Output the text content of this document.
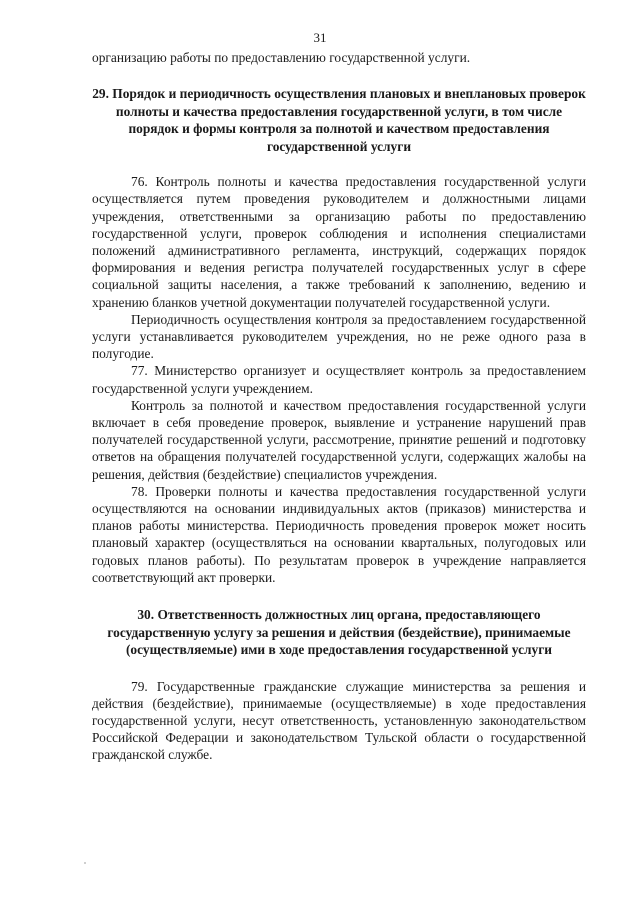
31

организацию работы по предоставлению государственной услуги.

29. Порядок и периодичность осуществления плановых и внеплановых проверок полноты и качества предоставления государственной услуги, в том числе порядок и формы контроля за полнотой и качеством предоставления государственной услуги

76. Контроль полноты и качества предоставления государственной услуги осуществляется путем проведения руководителем и должностными лицами учреждения, ответственными за организацию работы по предоставлению государственной услуги, проверок соблюдения и исполнения специалистами положений административного регламента, инструкций, содержащих порядок формирования и ведения регистра получателей государственных услуг в сфере социальной защиты населения, а также требований к заполнению, ведению и хранению бланков учетной документации получателей государственной услуги.

Периодичность осуществления контроля за предоставлением государственной услуги устанавливается руководителем учреждения, но не реже одного раза в полугодие.

77. Министерство организует и осуществляет контроль за предоставлением государственной услуги учреждением.

Контроль за полнотой и качеством предоставления государственной услуги включает в себя проведение проверок, выявление и устранение нарушений прав получателей государственной услуги, рассмотрение, принятие решений и подготовку ответов на обращения получателей государственной услуги, содержащих жалобы на решения, действия (бездействие) специалистов учреждения.

78. Проверки полноты и качества предоставления государственной услуги осуществляются на основании индивидуальных актов (приказов) министерства и планов работы министерства. Периодичность проведения проверок может носить плановый характер (осуществляться на основании квартальных, полугодовых или годовых планов работы). По результатам проверок в учреждение направляется соответствующий акт проверки.

30. Ответственность должностных лиц органа, предоставляющего государственную услугу за решения и действия (бездействие), принимаемые (осуществляемые) ими в ходе предоставления государственной услуги

79. Государственные гражданские служащие министерства за решения и действия (бездействие), принимаемые (осуществляемые) в ходе предоставления государственной услуги, несут ответственность, установленную законодательством Российской Федерации и законодательством Тульской области о государственной гражданской службе.
